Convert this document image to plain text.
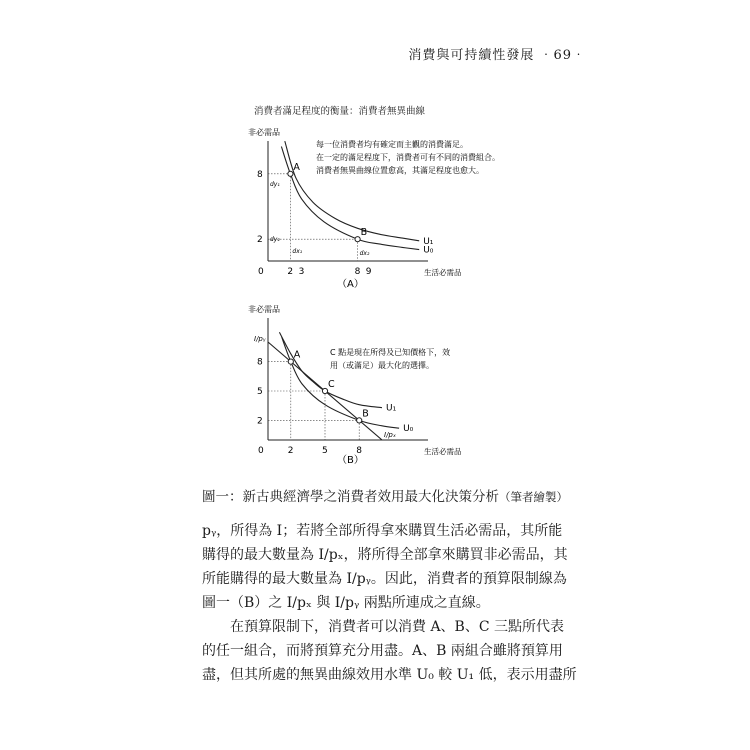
消費與可持續性發展 ‧69‧
消費者滿足程度的衡量：消費者無異曲線
非必需品
生活必需品
0	2 3	8 9
8
2	U₁
U₀
A
B
每一位消費者均有確定而主觀的消費滿足。
在一定的滿足程度下，消費者可有不同的消費組合。
消費者無異曲線位置愈高，其滿足程度也愈大。
（A）
dy₁
dx₁
dy₂
dx₂
非必需品
生活必需品
0	2	5	8
8
5
2
I/pᵧ
I/pₓ
U₁
U₀
A
C
B
C 點是現在所得及已知價格下，效
用（或滿足）最大化的選擇。
（B）
圖一：新古典經濟學之消費者效用最大化決策分析（筆者繪製）

pᵧ，所得為 I；若將全部所得拿來購買生活必需品，其所能
購得的最大數量為 I/pₓ，將所得全部拿來購買非必需品，其
所能購得的最大數量為 I/pᵧ。因此，消費者的預算限制線為
圖一（B）之 I/pₓ 與 I/pᵧ 兩點所連成之直線。

在預算限制下，消費者可以消費 A、B、C 三點所代表
的任一組合，而將預算充分用盡。A、B 兩組合雖將預算用
盡，但其所處的無異曲線效用水準 U₀ 較 U₁ 低，表示用盡所
